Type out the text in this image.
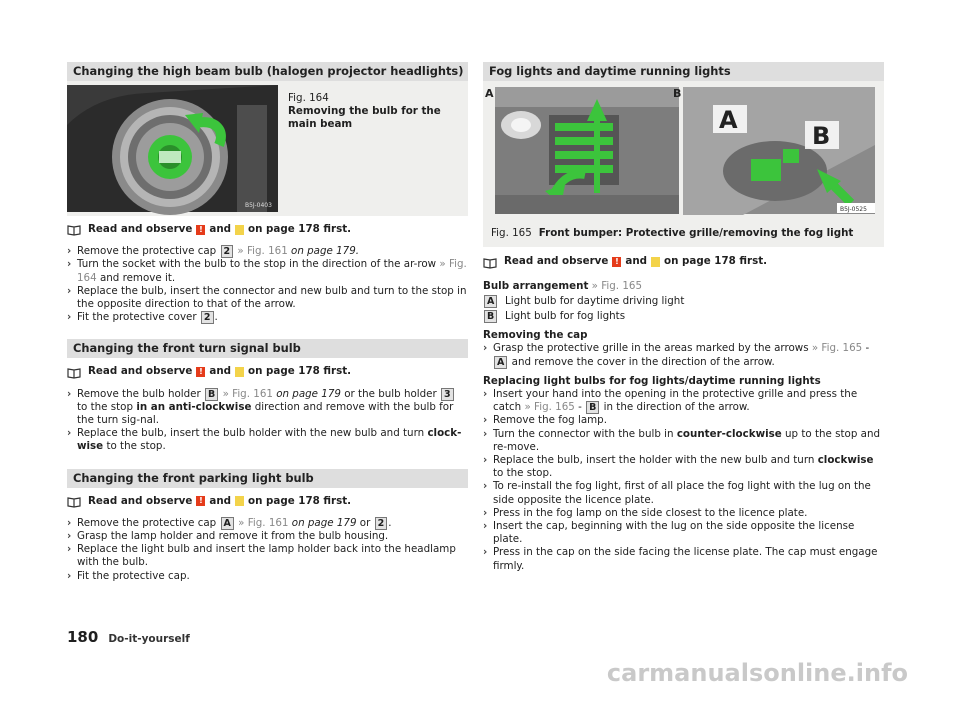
Changing the high beam bulb (halogen projector headlights)
B5J-0403
Fig. 164
Removing the bulb for the main beam
Read and observe ! and on page 178 first.

› Remove the protective cap 2 » Fig. 161 on page 179.

› Turn the socket with the bulb to the stop in the direction of the ar-row » Fig. 164 and remove it.

› Replace the bulb, insert the connector and new bulb and turn to the stop in the opposite direction to that of the arrow.

› Fit the protective cover 2 .

Changing the front turn signal bulb
Read and observe ! and on page 178 first.

› Remove the bulb holder B » Fig. 161 on page 179 or the bulb holder 3 to the stop in an anti-clockwise direction and remove with the bulb for the turn sig-nal.

› Replace the bulb, insert the bulb holder with the new bulb and turn clock-wise to the stop.

Changing the front parking light bulb
Read and observe ! and on page 178 first.

› Remove the protective cap A » Fig. 161 on page 179 or 2 .

› Grasp the lamp holder and remove it from the bulb housing.

› Replace the light bulb and insert the lamp holder back into the headlamp with the bulb.

› Fit the protective cap.

Fog lights and daytime running lights
A
B
A	B
B5J-0525
Fig. 165 Front bumper: Protective grille/removing the fog light
Read and observe ! and on page 178 first.
Bulb arrangement » Fig. 165
A Light bulb for daytime driving light
B Light bulb for fog lights
Removing the cap

› Grasp the protective grille in the areas marked by the arrows » Fig. 165 - A and remove the cover in the direction of the arrow.

Replacing light bulbs for fog lights/daytime running lights

› Insert your hand into the opening in the protective grille and press the catch » Fig. 165 - B in the direction of the arrow.

› Remove the fog lamp.

› Turn the connector with the bulb in counter-clockwise up to the stop and re-move.

› Replace the bulb, insert the holder with the new bulb and turn clockwise to the stop.

› To re-install the fog light, first of all place the fog light with the lug on the side opposite the licence plate.

› Press in the fog lamp on the side closest to the licence plate.

› Insert the cap, beginning with the lug on the side opposite the license plate.

› Press in the cap on the side facing the license plate. The cap must engage firmly.

180 Do-it-yourself
carmanualsonline.info
